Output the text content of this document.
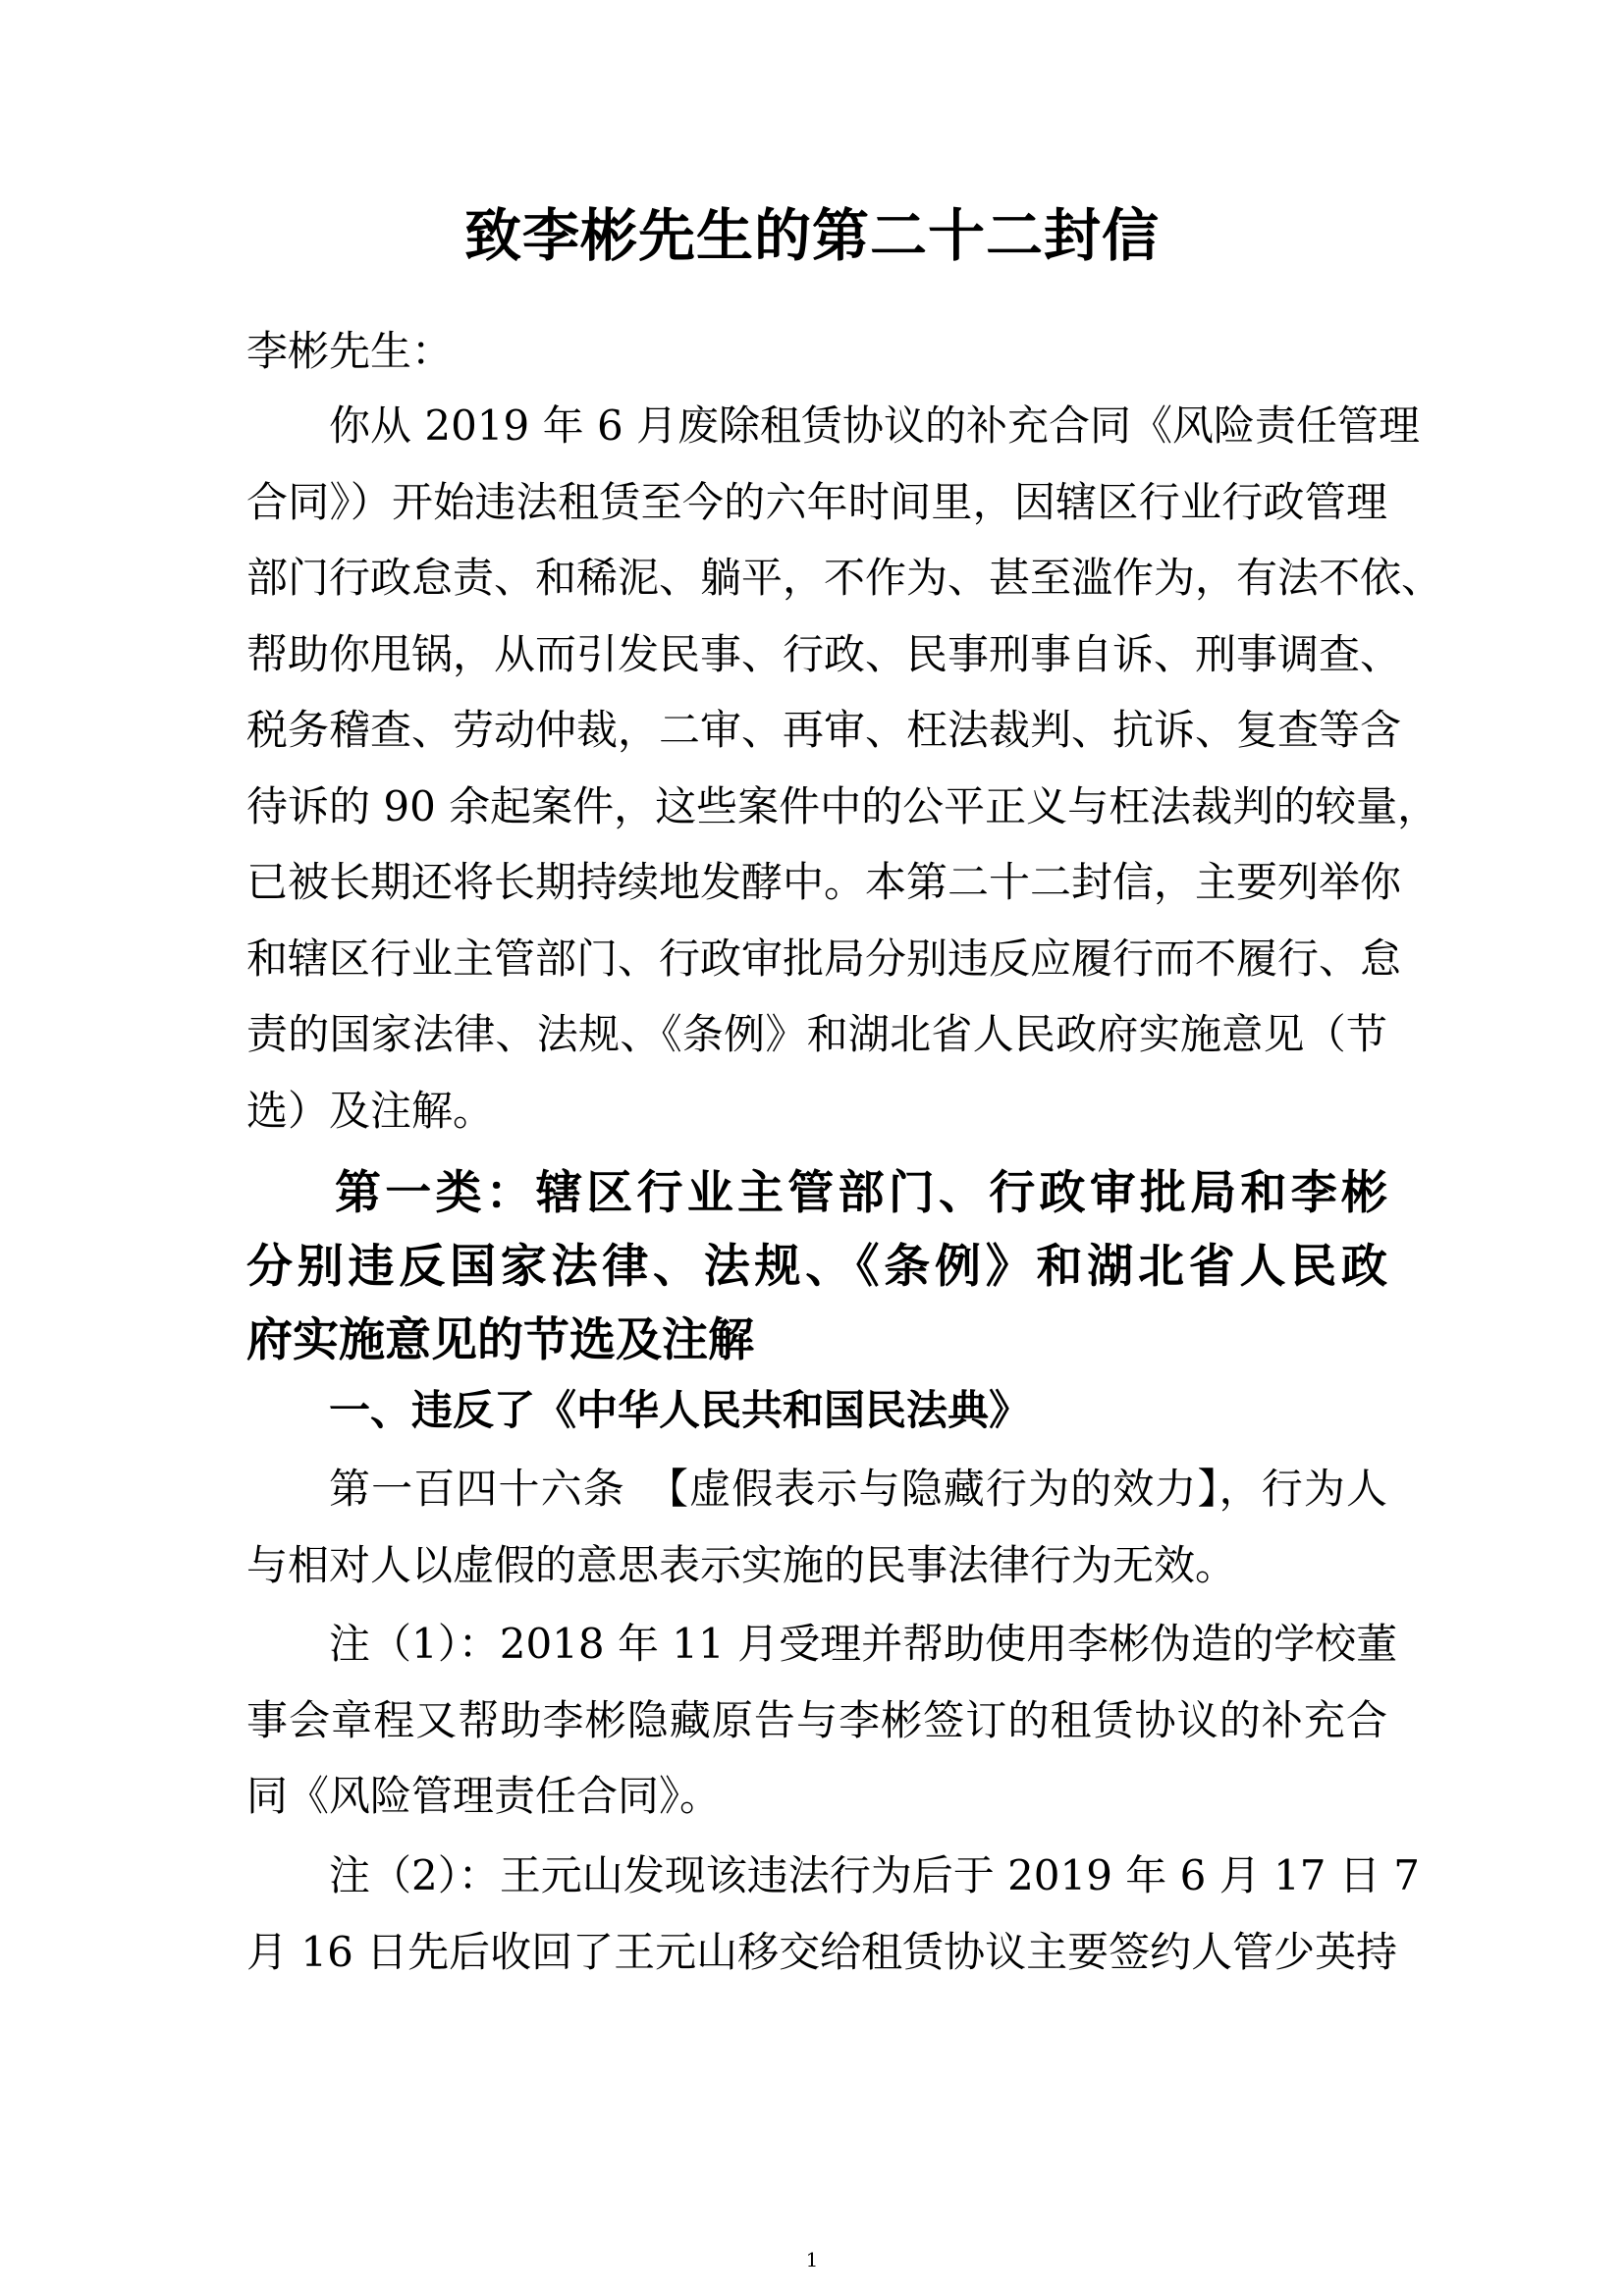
致李彬先生的第二十二封信
李彬先生：
你从 2019 年 6 月废除租赁协议的补充合同《风险责任管理
合同》）开始违法租赁至今的六年时间里，因辖区行业行政管理
部门行政怠责、和稀泥、躺平，不作为、甚至滥作为，有法不依、
帮助你甩锅，从而引发民事、行政、民事刑事自诉、刑事调查、
税务稽查、劳动仲裁，二审、再审、枉法裁判、抗诉、复查等含
待诉的 90 余起案件，这些案件中的公平正义与枉法裁判的较量，
已被长期还将长期持续地发酵中。本第二十二封信，主要列举你
和辖区行业主管部门、行政审批局分别违反应履行而不履行、怠
责的国家法律、法规、《条例》和湖北省人民政府实施意见（节
选）及注解。
第一类：辖区行业主管部门、行政审批局和李彬
分别违反国家法律、法规、《条例》和湖北省人民政
府实施意见的节选及注解
一、违反了《中华人民共和国民法典》
第一百四十六条　【虚假表示与隐藏行为的效力】，行为人
与相对人以虚假的意思表示实施的民事法律行为无效。
注（1）：2018 年 11 月受理并帮助使用李彬伪造的学校董
事会章程又帮助李彬隐藏原告与李彬签订的租赁协议的补充合
同《风险管理责任合同》。
注（2）：王元山发现该违法行为后于 2019 年 6 月 17 日 7
月 16 日先后收回了王元山移交给租赁协议主要签约人管少英持
1
